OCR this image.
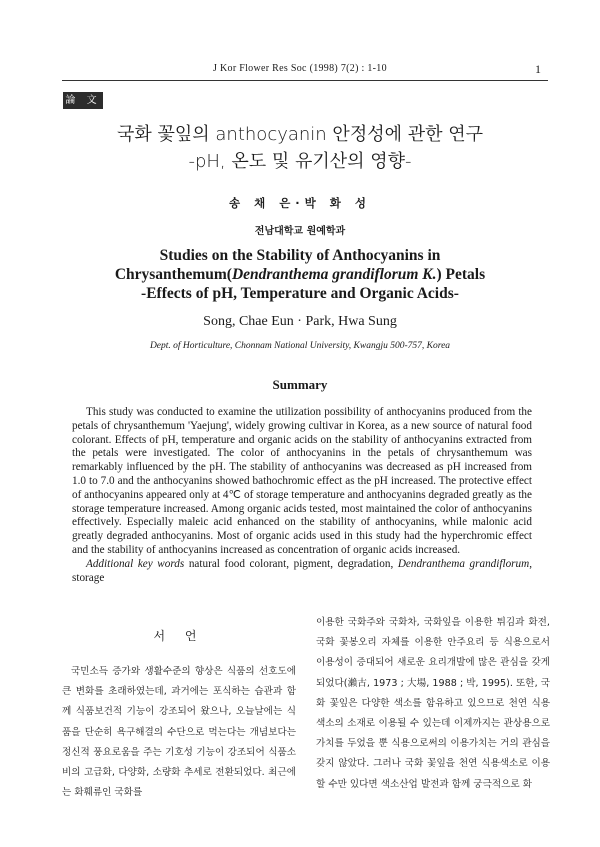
J Kor Flower Res Soc (1998) 7(2) : 1-10	1
論 文
국화 꽃잎의 anthocyanin 안정성에 관한 연구
-pH, 온도 및 유기산의 영향-
송 채 은·박 화 성
전남대학교 원예학과
Studies on the Stability of Anthocyanins in
Chrysanthemum(Dendranthema grandiflorum K.) Petals
-Effects of pH, Temperature and Organic Acids-
Song, Chae Eun · Park, Hwa Sung
Dept. of Horticulture, Chonnam National University, Kwangju 500-757, Korea
Summary

This study was conducted to examine the utilization possibility of anthocyanins produced from the petals of chrysanthemum 'Yaejung', widely growing cultivar in Korea, as a new source of natural food colorant. Effects of pH, temperature and organic acids on the stability of anthocyanins extracted from the petals were investigated. The color of anthocyanins in the petals of chrysanthemum was remarkably influenced by the pH. The stability of anthocyanins was decreased as pH increased from 1.0 to 7.0 and the anthocyanins showed bathochromic effect as the pH increased. The protective effect of anthocyanins appeared only at 4℃ of storage temperature and anthocyanins degraded greatly as the storage temperature increased. Among organic acids tested, most maintained the color of anthocyanins effectively. Especially maleic acid enhanced on the stability of anthocyanins, while malonic acid greatly degraded anthocyanins. Most of organic acids used in this study had the hyperchromic effect and the stability of anthocyanins increased as concentration of organic acids increased.

Additional key words natural food colorant, pigment, degradation, Dendranthema grandiflorum, storage

서 언

국민소득 증가와 생활수준의 향상은 식품의 선호도에 큰 변화를 초래하였는데, 과거에는 포식하는 습관과 함께 식품보건적 기능이 강조되어 왔으나, 오늘날에는 식품을 단순히 욕구해결의 수단으로 먹는다는 개념보다는 정신적 풍요로움을 주는 기호성 기능이 강조되어 식품소비의 고급화, 다양화, 소량화 추세로 전환되었다. 최근에는 화훼류인 국화를

이용한 국화주와 국화차, 국화잎을 이용한 튀김과 화전, 국화 꽃봉오리 자체를 이용한 안주요리 등 식용으로서 이용성이 증대되어 새로운 요리개발에 많은 관심을 갖게 되었다(瀨古, 1973 ; 大場, 1988 ; 박, 1995). 또한, 국화 꽃잎은 다양한 색소를 함유하고 있으므로 천연 식용색소의 소재로 이용될 수 있는데 이제까지는 관상용으로 가치를 두었을 뿐 식용으로써의 이용가치는 거의 관심을 갖지 않았다. 그러나 국화 꽃잎을 천연 식용색소로 이용할 수만 있다면 색소산업 발전과 함께 궁극적으로 화
